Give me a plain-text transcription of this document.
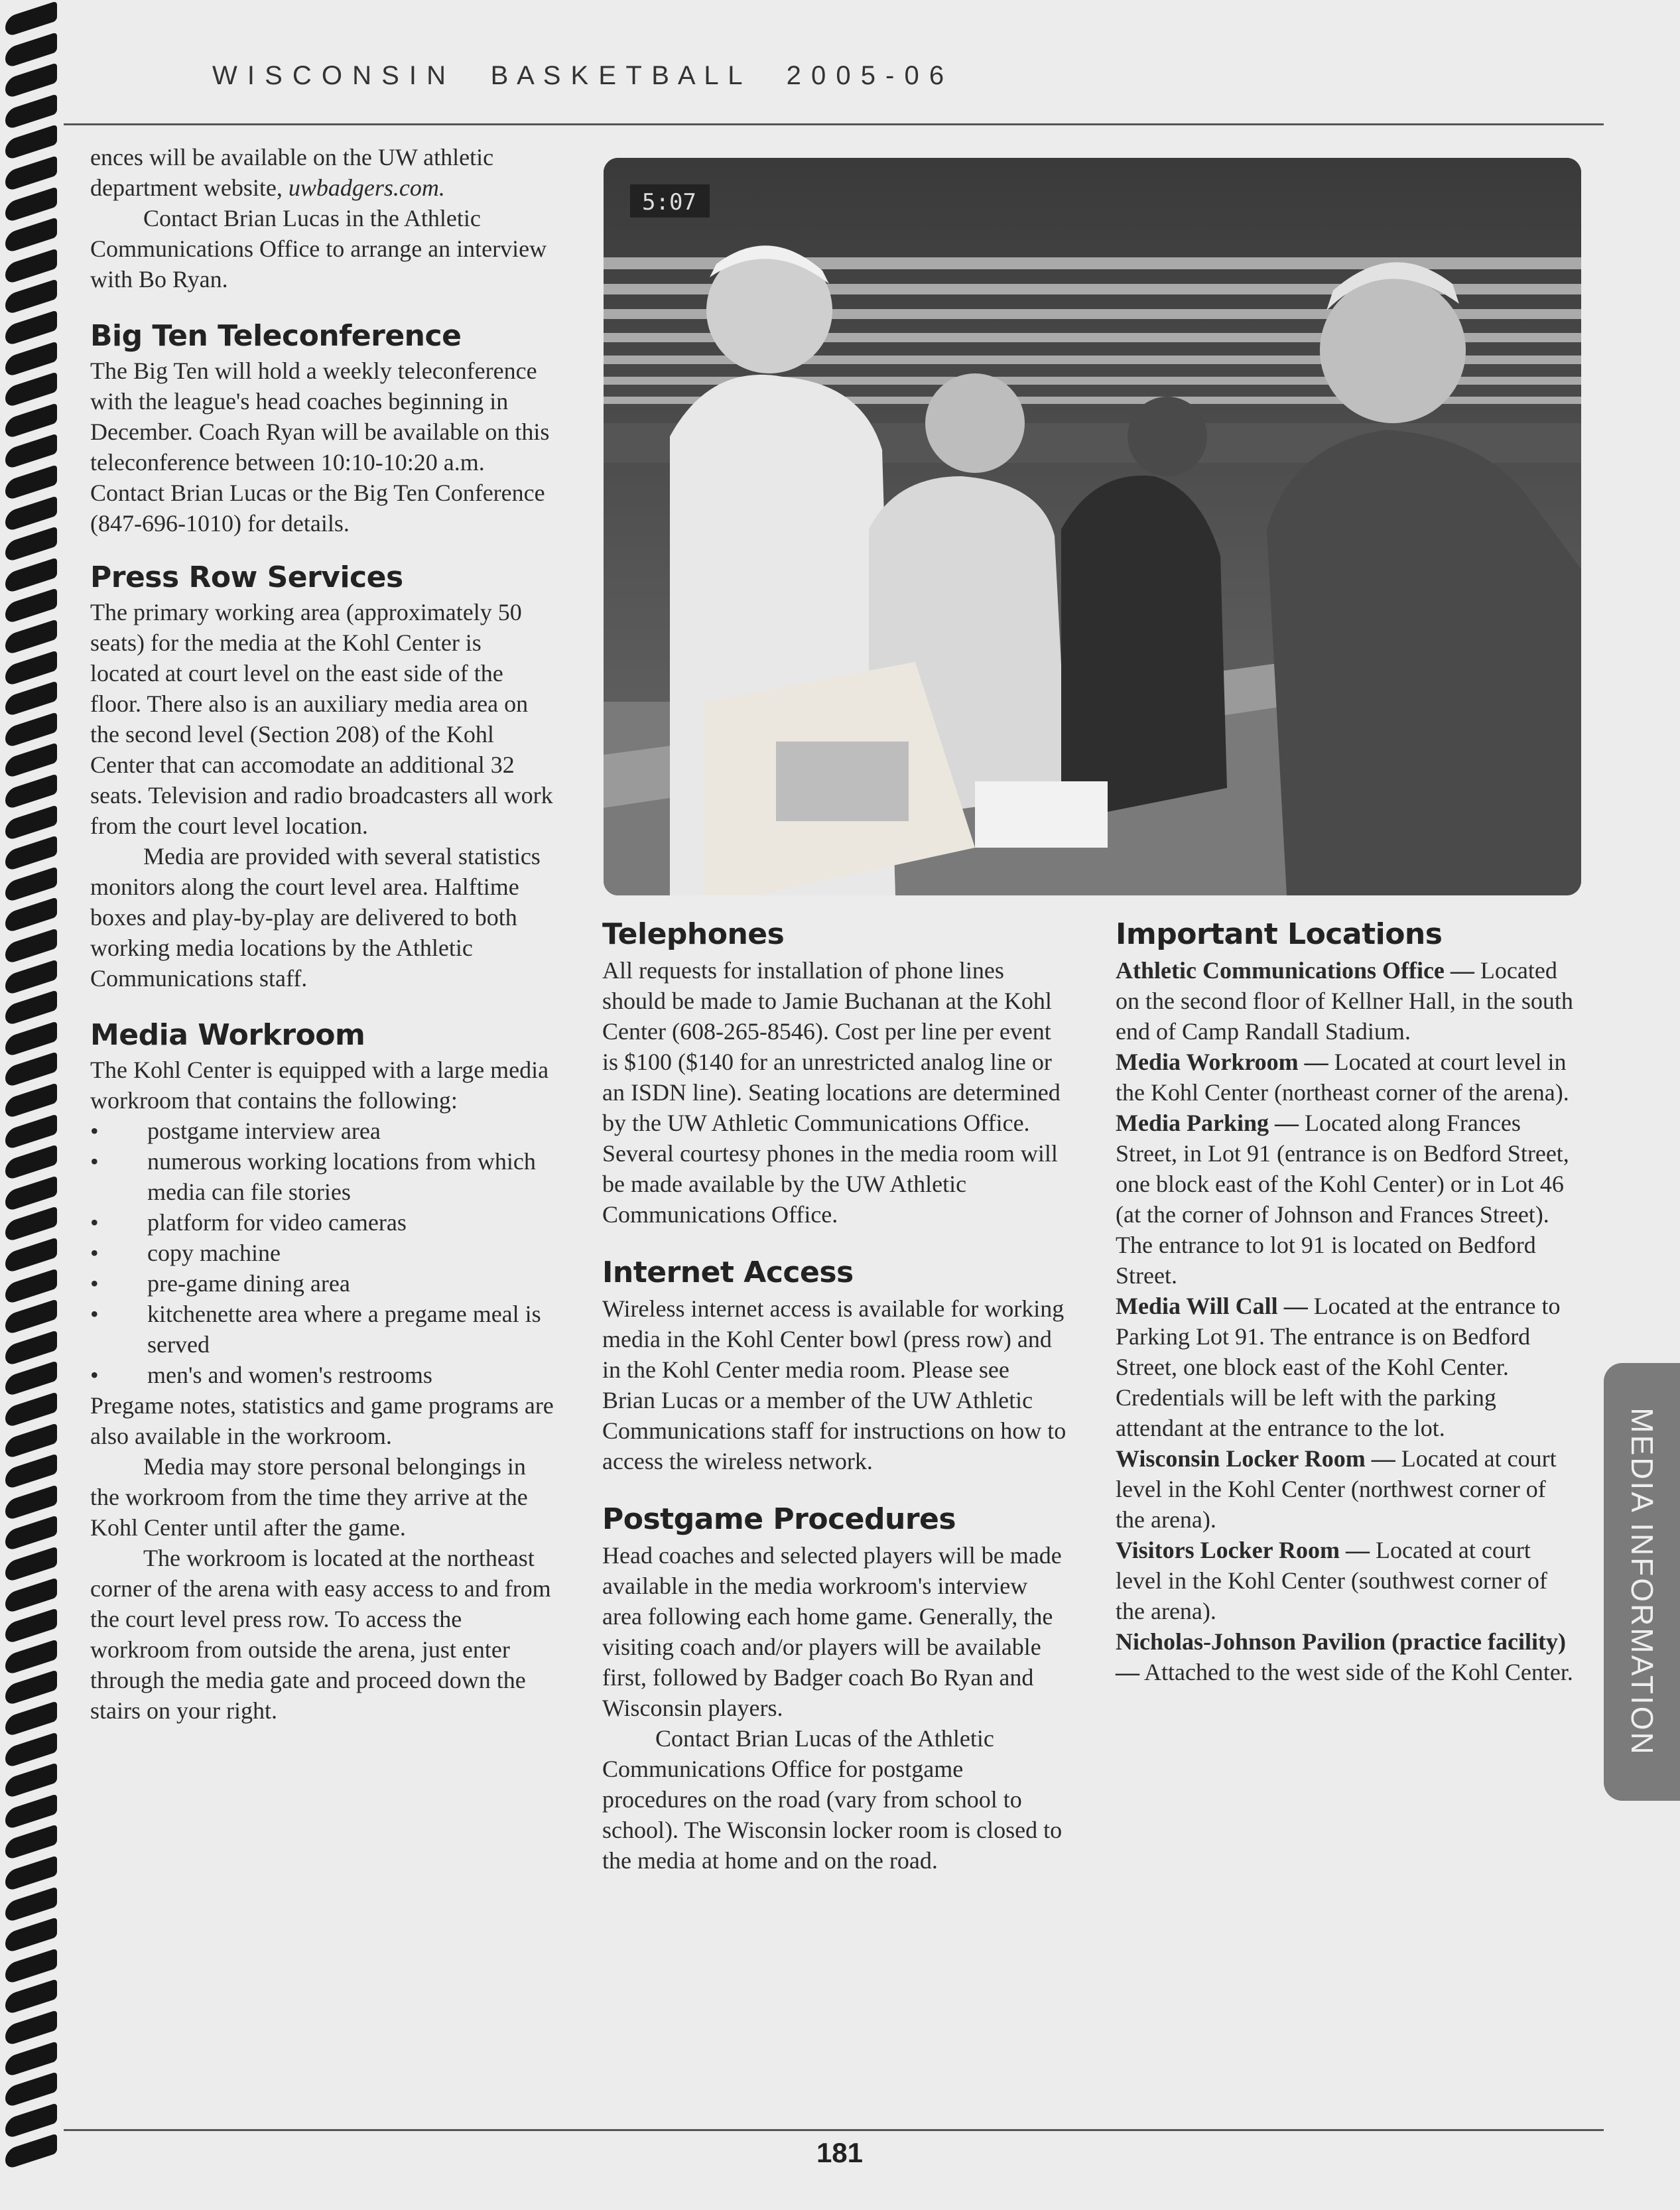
W I S C O N S I N     B A S K E T B A L L     2 0 0 5 - 0 6

ences will be available on the UW athletic department website, uwbadgers.com.

Contact Brian Lucas in the Athletic Communications Office to arrange an interview with Bo Ryan.

Big Ten Teleconference

The Big Ten will hold a weekly teleconference with the league's head coaches beginning in December. Coach Ryan will be available on this teleconference between 10:10-10:20 a.m. Contact Brian Lucas or the Big Ten Conference (847-696-1010) for details.

Press Row Services

The primary working area (approximately 50 seats) for the media at the Kohl Center is located at court level on the east side of the floor. There also is an auxiliary media area on the second level (Section 208) of the Kohl Center that can accomodate an additional 32 seats. Television and radio broadcasters all work from the court level location.

Media are provided with several statistics monitors along the court level area. Halftime boxes and play-by-play are delivered to both working media locations by the Athletic Communications staff.

Media Workroom

The Kohl Center is equipped with a large media workroom that contains the following:

• postgame interview area
• numerous working locations from which media can file stories
• platform for video cameras
• copy machine
• pre-game dining area
• kitchenette area where a pregame meal is served
• men's and women's restrooms

Pregame notes, statistics and game programs are also available in the workroom.

Media may store personal belongings in the workroom from the time they arrive at the Kohl Center until after the game.

The workroom is located at the northeast corner of the arena with easy access to and from the court level press row. To access the workroom from outside the arena, just enter through the media gate and proceed down the stairs on your right.

5:07
Telephones

All requests for installation of phone lines should be made to Jamie Buchanan at the Kohl Center (608-265-8546). Cost per line per event is $100 ($140 for an unrestricted analog line or an ISDN line). Seating locations are determined by the UW Athletic Communications Office. Several courtesy phones in the media room will be made available by the UW Athletic Communications Office.

Internet Access

Wireless internet access is available for working media in the Kohl Center bowl (press row) and in the Kohl Center media room. Please see Brian Lucas or a member of the UW Athletic Communications staff for instructions on how to access the wireless network.

Postgame Procedures

Head coaches and selected players will be made available in the media workroom's interview area following each home game. Generally, the visiting coach and/or players will be available first, followed by Badger coach Bo Ryan and Wisconsin players.

Contact Brian Lucas of the Athletic Communications Office for postgame procedures on the road (vary from school to school). The Wisconsin locker room is closed to the media at home and on the road.

Important Locations

Athletic Communications Office — Located on the second floor of Kellner Hall, in the south end of Camp Randall Stadium.

Media Workroom — Located at court level in the Kohl Center (northeast corner of the arena).

Media Parking — Located along Frances Street, in Lot 91 (entrance is on Bedford Street, one block east of the Kohl Center) or in Lot 46 (at the corner of Johnson and Frances Street). The entrance to lot 91 is located on Bedford Street.

Media Will Call — Located at the entrance to Parking Lot 91. The entrance is on Bedford Street, one block east of the Kohl Center. Credentials will be left with the parking attendant at the entrance to the lot.

Wisconsin Locker Room — Located at court level in the Kohl Center (northwest corner of the arena).

Visitors Locker Room — Located at court level in the Kohl Center (southwest corner of the arena).

Nicholas-Johnson Pavilion (practice facility) — Attached to the west side of the Kohl Center. MEDIA INFORMATION
181
